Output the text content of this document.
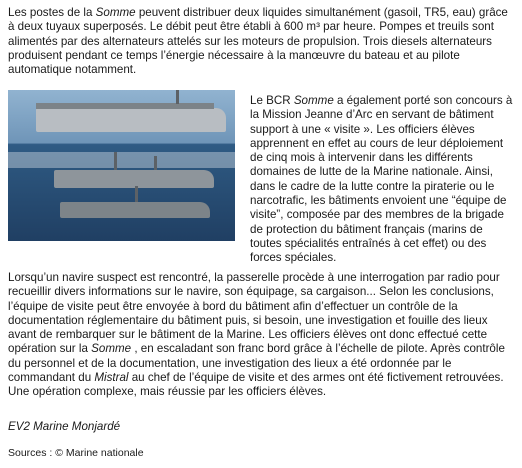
Les postes de la Somme peuvent distribuer deux liquides simultanément (gasoil, TR5, eau) grâce à deux tuyaux superposés. Le débit peut être établi à 600 m³ par heure. Pompes et treuils sont alimentés par des alternateurs attelés sur les moteurs de propulsion. Trois diesels alternateurs produisent pendant ce temps l’énergie nécessaire à la manœuvre du bateau et au pilote automatique notamment.

Le BCR Somme a également porté son concours à la Mission Jeanne d’Arc en servant de bâtiment support à une « visite ». Les officiers élèves apprennent en effet au cours de leur déploiement de cinq mois à intervenir dans les différents domaines de lutte de la Marine nationale. Ainsi, dans le cadre de la lutte contre la piraterie ou le narcotrafic, les bâtiments envoient une “équipe de visite”, composée par des membres de la brigade de protection du bâtiment français (marins de toutes spécialités entraînés à cet effet) ou des forces spéciales.

Lorsqu’un navire suspect est rencontré, la passerelle procède à une interrogation par radio pour recueillir divers informations sur le navire, son équipage, sa cargaison... Selon les conclusions, l’équipe de visite peut être envoyée à bord du bâtiment afin d’effectuer un contrôle de la documentation réglementaire du bâtiment puis, si besoin, une investigation et fouille des lieux avant de rembarquer sur le bâtiment de la Marine. Les officiers élèves ont donc effectué cette opération sur la Somme , en escaladant son franc bord grâce à l’échelle de pilote. Après contrôle du personnel et de la documentation, une investigation des lieux a été ordonnée par le commandant du Mistral au chef de l’équipe de visite et des armes ont été fictivement retrouvées. Une opération complexe, mais réussie par les officiers élèves.

EV2 Marine Monjardé
Sources : © Marine nationale
